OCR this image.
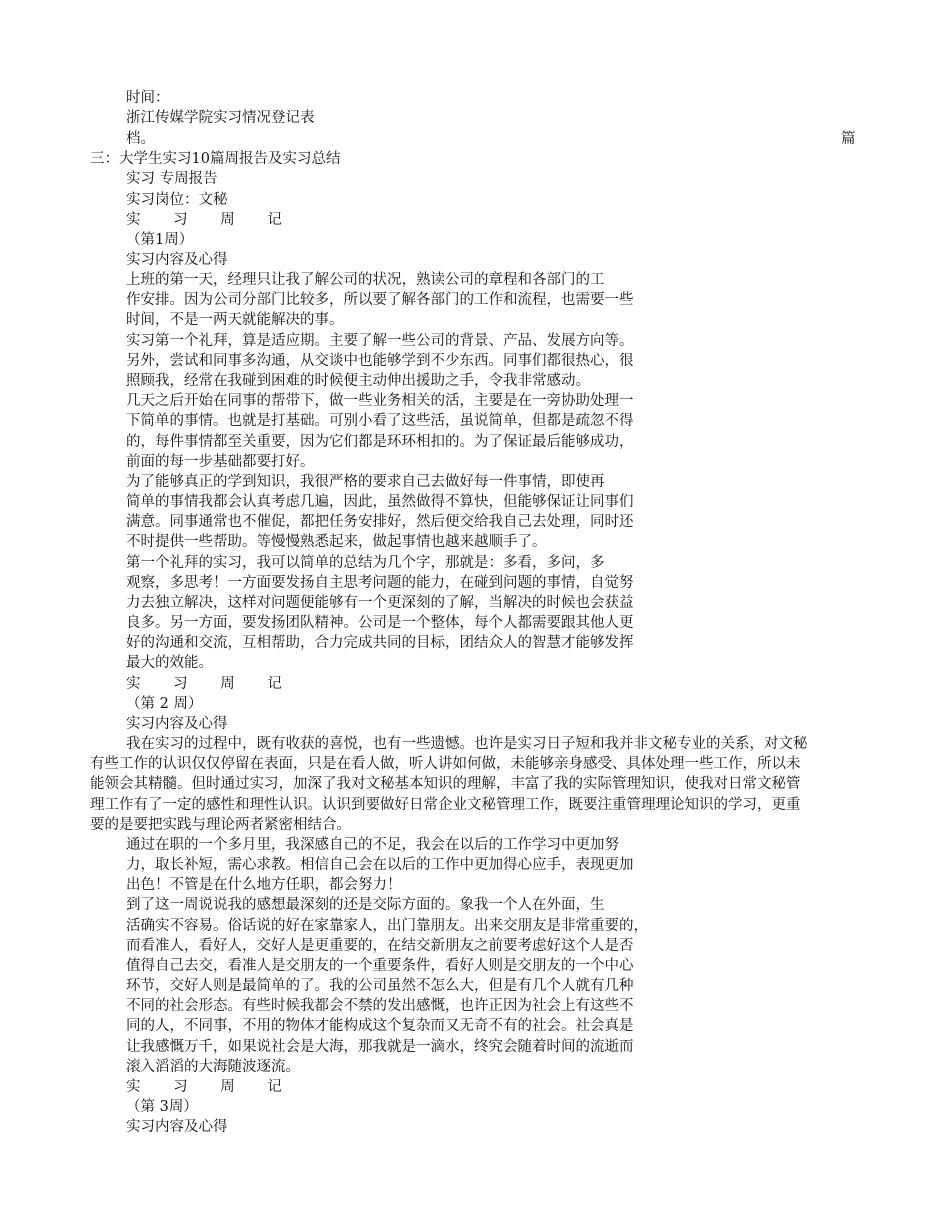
时间：
浙江传媒学院实习情况登记表
档。
三：大学生实习10篇周报告及实习总结
实习 专周报告
实习岗位：文秘
实 习 周 记
（第1周）
实习内容及心得
上班的第一天，经理只让我了解公司的状况，熟读公司的章程和各部门的工
作安排。因为公司分部门比较多，所以要了解各部门的工作和流程，也需要一些
时间，不是一两天就能解决的事。
实习第一个礼拜，算是适应期。主要了解一些公司的背景、产品、发展方向等。
另外，尝试和同事多沟通，从交谈中也能够学到不少东西。同事们都很热心，很
照顾我，经常在我碰到困难的时候便主动伸出援助之手，令我非常感动。
几天之后开始在同事的帮带下，做一些业务相关的活，主要是在一旁协助处理一
下简单的事情。也就是打基础。可别小看了这些活，虽说简单，但都是疏忽不得
的，每件事情都至关重要，因为它们都是环环相扣的。为了保证最后能够成功，
前面的每一步基础都要打好。
为了能够真正的学到知识，我很严格的要求自己去做好每一件事情，即使再
简单的事情我都会认真考虑几遍，因此，虽然做得不算快，但能够保证让同事们
满意。同事通常也不催促，都把任务安排好，然后便交给我自己去处理，同时还
不时提供一些帮助。等慢慢熟悉起来，做起事情也越来越顺手了。
第一个礼拜的实习，我可以简单的总结为几个字，那就是：多看，多问，多
观察，多思考！一方面要发扬自主思考问题的能力，在碰到问题的事情，自觉努
力去独立解决，这样对问题便能够有一个更深刻的了解，当解决的时候也会获益
良多。另一方面，要发扬团队精神。公司是一个整体，每个人都需要跟其他人更
好的沟通和交流，互相帮助，合力完成共同的目标，团结众人的智慧才能够发挥
最大的效能。
实 习 周 记
（第 2 周）
实习内容及心得
我在实习的过程中，既有收获的喜悦，也有一些遗憾。也许是实习日子短和我并非文秘专业的关系，对文秘
有些工作的认识仅仅停留在表面，只是在看人做，听人讲如何做，未能够亲身感受、具体处理一些工作，所以未
能领会其精髓。但时通过实习，加深了我对文秘基本知识的理解，丰富了我的实际管理知识，使我对日常文秘管
理工作有了一定的感性和理性认识。认识到要做好日常企业文秘管理工作，既要注重管理理论知识的学习，更重
要的是要把实践与理论两者紧密相结合。
通过在职的一个多月里，我深感自己的不足，我会在以后的工作学习中更加努
力，取长补短，需心求教。相信自己会在以后的工作中更加得心应手，表现更加
出色！不管是在什么地方任职，都会努力！
到了这一周说说我的感想最深刻的还是交际方面的。象我一个人在外面，生
活确实不容易。俗话说的好在家靠家人，出门靠朋友。出来交朋友是非常重要的，
而看准人，看好人，交好人是更重要的，在结交新朋友之前要考虑好这个人是否
值得自己去交，看准人是交朋友的一个重要条件，看好人则是交朋友的一个中心
环节，交好人则是最简单的了。我的公司虽然不怎么大，但是有几个人就有几种
不同的社会形态。有些时候我都会不禁的发出感慨，也许正因为社会上有这些不
同的人，不同事，不用的物体才能构成这个复杂而又无奇不有的社会。社会真是
让我感慨万千，如果说社会是大海，那我就是一滴水，终究会随着时间的流逝而
滚入滔滔的大海随波逐流。
实 习 周 记
（第 3周）
实习内容及心得
篇
